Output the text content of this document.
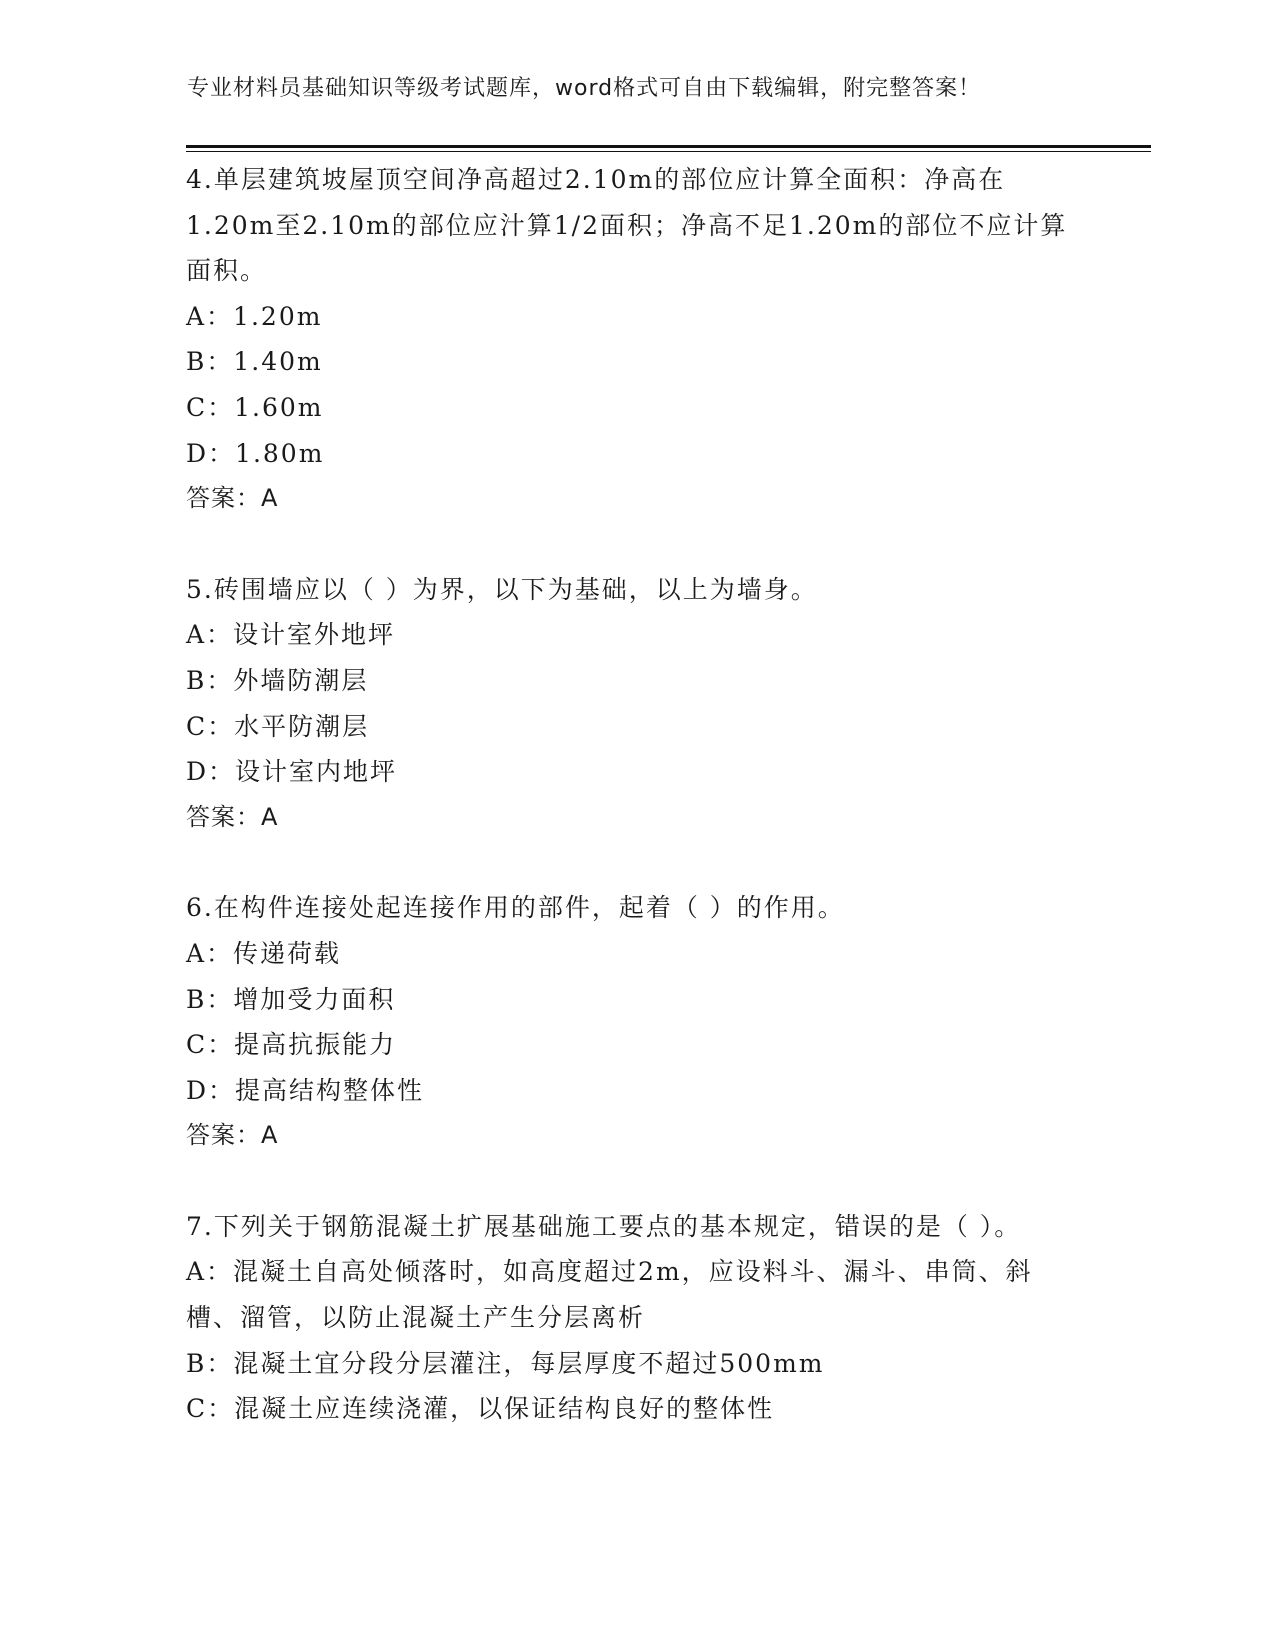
专业材料员基础知识等级考试题库，word格式可自由下载编辑，附完整答案！

4.单层建筑坡屋顶空间净高超过2.10m的部位应计算全面积：净高在1.20m至2.10m的部位应汁算1/2面积；净高不足1.20m的部位不应计算面积。

A：1.20m

B：1.40m

C：1.60m

D：1.80m

答案：A

5.砖围墙应以（ ）为界，以下为基础，以上为墙身。

A：设计室外地坪

B：外墙防潮层

C：水平防潮层

D：设计室内地坪

答案：A

6.在构件连接处起连接作用的部件，起着（ ）的作用。

A：传递荷载

B：增加受力面积

C：提高抗振能力

D：提高结构整体性

答案：A

7.下列关于钢筋混凝土扩展基础施工要点的基本规定，错误的是（ ）。

A：混凝土自高处倾落时，如高度超过2m，应设料斗、漏斗、串筒、斜槽、溜管，以防止混凝土产生分层离析

B：混凝土宜分段分层灌注，每层厚度不超过500mm

C：混凝土应连续浇灌，以保证结构良好的整体性
